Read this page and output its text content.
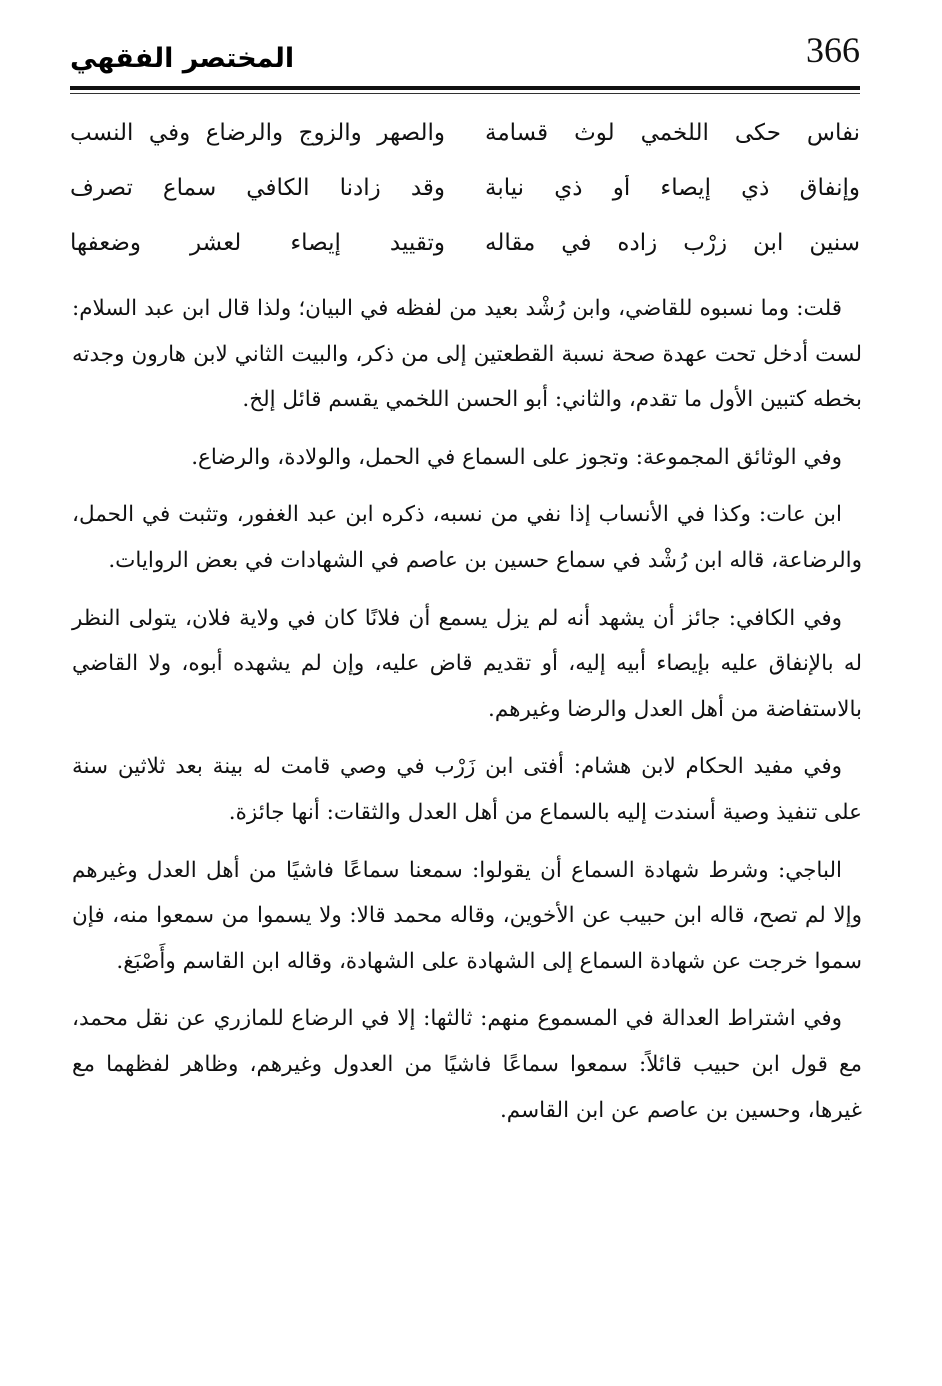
366
المختصر الفقهي
والصهر والزوج والرضاع وفي النسب نفاس حكى اللخمي لوث قسامة
وقد زادنا الكافي سماع تصرف وإنفاق ذي إيصاء أو ذي نيابة
وتقييد إيصاء لعشر وضعفها سنين ابن زرْب زاده في مقاله

قلت: وما نسبوه للقاضي، وابن رُشْد بعيد من لفظه في البيان؛ ولذا قال ابن عبد السلام: لست أدخل تحت عهدة صحة نسبة القطعتين إلى من ذكر، والبيت الثاني لابن هارون وجدته بخطه كتبين الأول ما تقدم، والثاني: أبو الحسن اللخمي يقسم قائل إلخ.

وفي الوثائق المجموعة: وتجوز على السماع في الحمل، والولادة، والرضاع.

ابن عات: وكذا في الأنساب إذا نفي من نسبه، ذكره ابن عبد الغفور، وتثبت في الحمل، والرضاعة، قاله ابن رُشْد في سماع حسين بن عاصم في الشهادات في بعض الروايات.

وفي الكافي: جائز أن يشهد أنه لم يزل يسمع أن فلانًا كان في ولاية فلان، يتولى النظر له بالإنفاق عليه بإيصاء أبيه إليه، أو تقديم قاض عليه، وإن لم يشهده أبوه، ولا القاضي بالاستفاضة من أهل العدل والرضا وغيرهم.

وفي مفيد الحكام لابن هشام: أفتى ابن زَرْب في وصي قامت له بينة بعد ثلاثين سنة على تنفيذ وصية أسندت إليه بالسماع من أهل العدل والثقات: أنها جائزة.

الباجي: وشرط شهادة السماع أن يقولوا: سمعنا سماعًا فاشيًا من أهل العدل وغيرهم وإلا لم تصح، قاله ابن حبيب عن الأخوين، وقاله محمد قالا: ولا يسموا من سمعوا منه، فإن سموا خرجت عن شهادة السماع إلى الشهادة على الشهادة، وقاله ابن القاسم وأَصْبَغ.

وفي اشتراط العدالة في المسموع منهم: ثالثها: إلا في الرضاع للمازري عن نقل محمد، مع قول ابن حبيب قائلاً: سمعوا سماعًا فاشيًا من العدول وغيرهم، وظاهر لفظهما مع غيرها، وحسين بن عاصم عن ابن القاسم.
